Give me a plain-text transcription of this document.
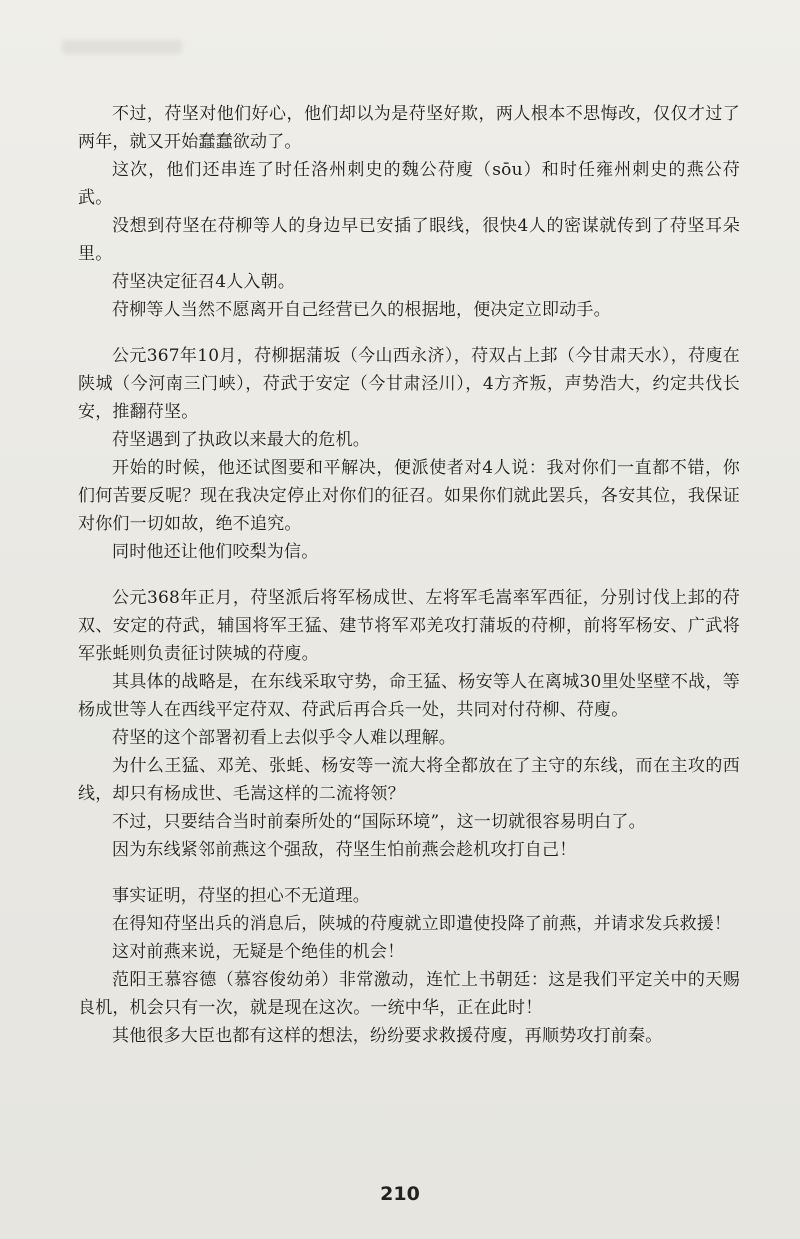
不过，苻坚对他们好心，他们却以为是苻坚好欺，两人根本不思悔改，仅仅才过了两年，就又开始蠢蠢欲动了。

这次，他们还串连了时任洛州刺史的魏公苻廋（sōu）和时任雍州刺史的燕公苻武。

没想到苻坚在苻柳等人的身边早已安插了眼线，很快4人的密谋就传到了苻坚耳朵里。

苻坚决定征召4人入朝。

苻柳等人当然不愿离开自己经营已久的根据地，便决定立即动手。

公元367年10月，苻柳据蒲坂（今山西永济），苻双占上邽（今甘肃天水），苻廋在陕城（今河南三门峡），苻武于安定（今甘肃泾川），4方齐叛，声势浩大，约定共伐长安，推翻苻坚。

苻坚遇到了执政以来最大的危机。

开始的时候，他还试图要和平解决，便派使者对4人说：我对你们一直都不错，你们何苦要反呢？现在我决定停止对你们的征召。如果你们就此罢兵，各安其位，我保证对你们一切如故，绝不追究。

同时他还让他们咬梨为信。

公元368年正月，苻坚派后将军杨成世、左将军毛嵩率军西征，分别讨伐上邽的苻双、安定的苻武，辅国将军王猛、建节将军邓羌攻打蒲坂的苻柳，前将军杨安、广武将军张蚝则负责征讨陕城的苻廋。

其具体的战略是，在东线采取守势，命王猛、杨安等人在离城30里处坚壁不战，等杨成世等人在西线平定苻双、苻武后再合兵一处，共同对付苻柳、苻廋。

苻坚的这个部署初看上去似乎令人难以理解。

为什么王猛、邓羌、张蚝、杨安等一流大将全都放在了主守的东线，而在主攻的西线，却只有杨成世、毛嵩这样的二流将领？

不过，只要结合当时前秦所处的“国际环境”，这一切就很容易明白了。

因为东线紧邻前燕这个强敌，苻坚生怕前燕会趁机攻打自己！

事实证明，苻坚的担心不无道理。

在得知苻坚出兵的消息后，陕城的苻廋就立即遣使投降了前燕，并请求发兵救援！

这对前燕来说，无疑是个绝佳的机会！

范阳王慕容德（慕容俊幼弟）非常激动，连忙上书朝廷：这是我们平定关中的天赐良机，机会只有一次，就是现在这次。一统中华，正在此时！

其他很多大臣也都有这样的想法，纷纷要求救援苻廋，再顺势攻打前秦。

210
